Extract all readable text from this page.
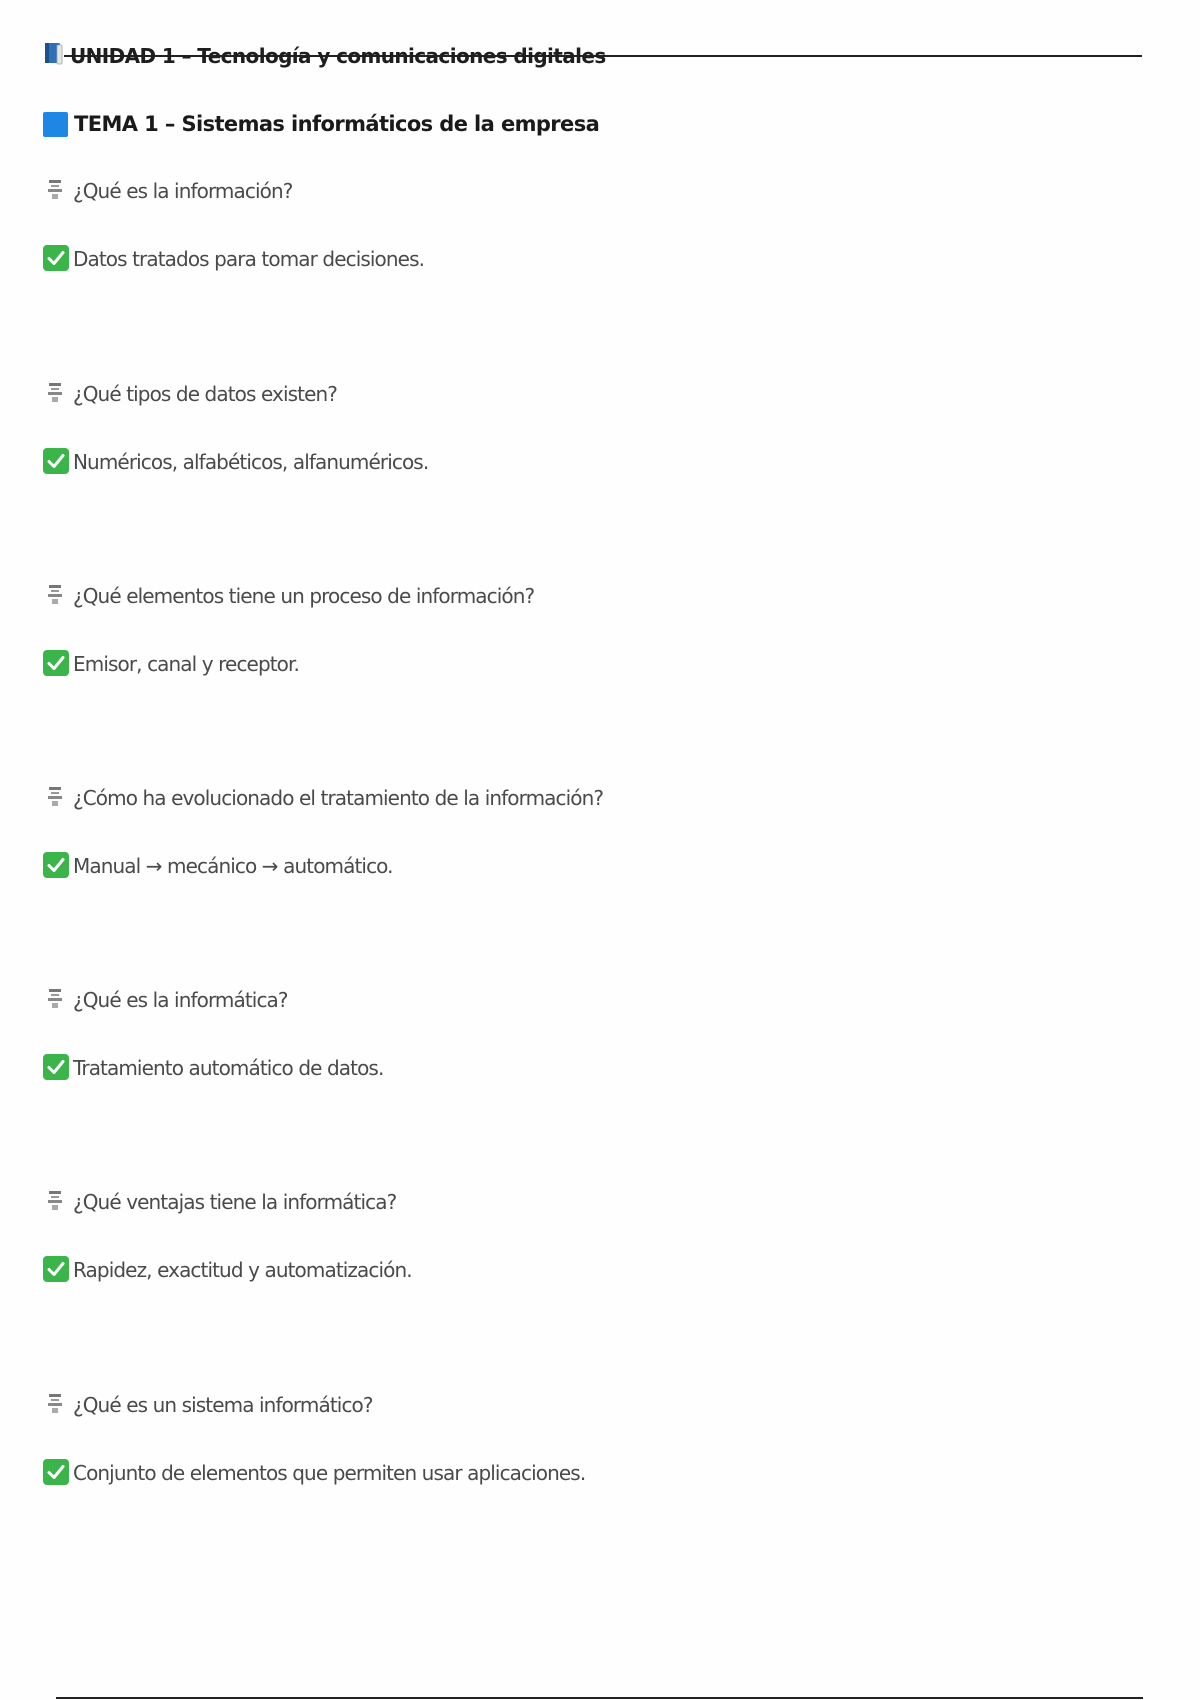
UNIDAD 1 – Tecnología y comunicaciones digitales
TEMA 1 – Sistemas informáticos de la empresa
¿Qué es la información?
Datos tratados para tomar decisiones.
¿Qué tipos de datos existen?
Numéricos, alfabéticos, alfanuméricos.
¿Qué elementos tiene un proceso de información?
Emisor, canal y receptor.
¿Cómo ha evolucionado el tratamiento de la información?
Manual → mecánico → automático.
¿Qué es la informática?
Tratamiento automático de datos.
¿Qué ventajas tiene la informática?
Rapidez, exactitud y automatización.
¿Qué es un sistema informático?
Conjunto de elementos que permiten usar aplicaciones.
